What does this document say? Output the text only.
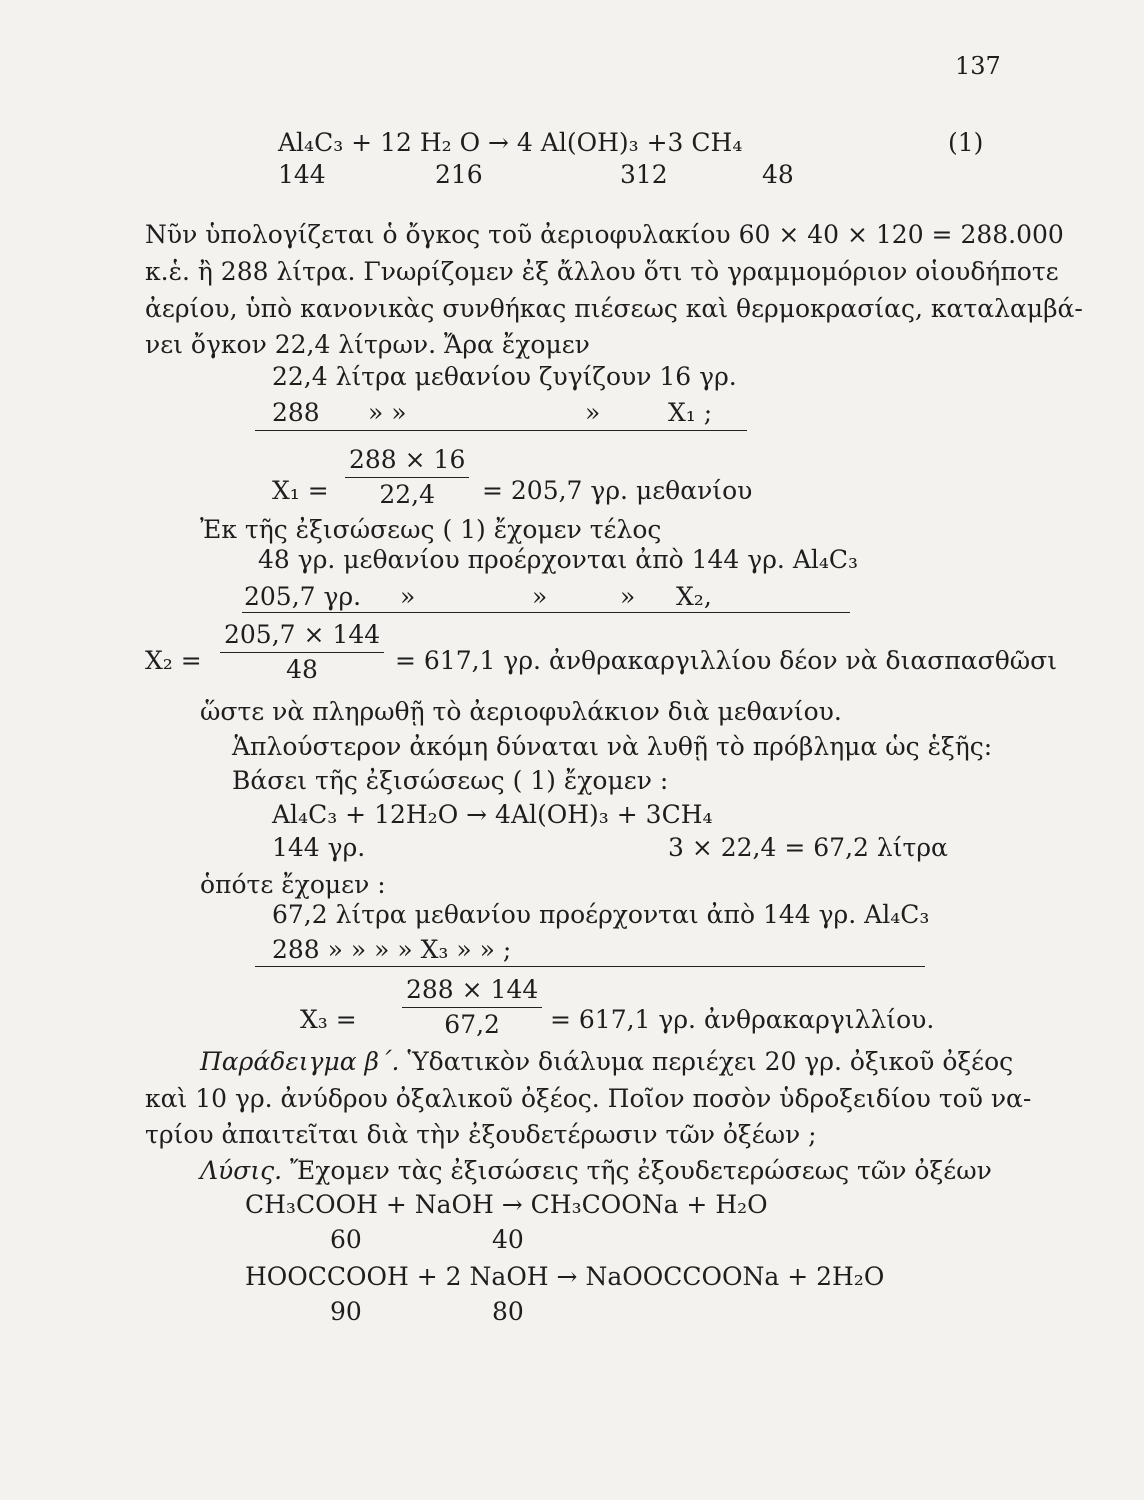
137
Al₄C₃ + 12 H₂ O → 4 Al(OH)₃ +3 CH₄	(1)
144	216	312	48
Νῦν ὑπολογίζεται ὁ ὄγκος τοῦ ἀεριοφυλακίου 60 × 40 × 120 = 288.000
κ.ἑ. ἢ 288 λίτρα. Γνωρίζομεν ἐξ ἄλλου ὅτι τὸ γραμμομόριον οἱουδήποτε
ἀερίου, ὑπὸ κανονικὰς συνθήκας πιέσεως καὶ θερμοκρασίας, καταλαμβά-
νει ὄγκον 22,4 λίτρων. Ἄρα ἔχομεν
22,4 λίτρα μεθανίου ζυγίζουν 16 γρ.
288 » »	»	X₁ ;
$X_1 = \frac{288 \times 16}{22,4} = 205,7$ γρ. μεθανίου
Ἐκ τῆς ἐξισώσεως ( 1) ἔχομεν τέλος
48 γρ. μεθανίου προέρχονται ἀπὸ 144 γρ. Al₄C₃
205,7 γρ. »	»	» X₂,
$X_2 = \frac{205,7 \times 144}{48} = 617,1$ γρ. ἀνθρακαργιλλίου δέον νὰ διασπασθῶσι
ὥστε νὰ πληρωθῇ τὸ ἀεριοφυλάκιον διὰ μεθανίου.
Ἁπλούστερον ἀκόμη δύναται νὰ λυθῇ τὸ πρόβλημα ὡς ἑξῆς:
Βάσει τῆς ἐξισώσεως ( 1) ἔχομεν :
Al₄C₃ + 12H₂O → 4Al(OH)₃ + 3CH₄
144 γρ.	3 × 22,4 = 67,2 λίτρα
ὁπότε ἔχομεν :
67,2 λίτρα μεθανίου προέρχονται ἀπὸ 144 γρ. Al₄C₃
288 » » » » X₃ » » ;
$X_3 = \frac{288 \times 144}{67,2} = 617,1$ γρ. ἀνθρακαργιλλίου.
Παράδειγμα β΄. Ὑδατικὸν διάλυμα περιέχει 20 γρ. ὀξικοῦ ὀξέος
καὶ 10 γρ. ἀνύδρου ὀξαλικοῦ ὀξέος. Ποῖον ποσὸν ὑδροξειδίου τοῦ να-
τρίου ἀπαιτεῖται διὰ τὴν ἐξουδετέρωσιν τῶν ὀξέων ;
Λύσις. Ἔχομεν τὰς ἐξισώσεις τῆς ἐξουδετερώσεως τῶν ὀξέων
CH₃COOH + NaOH → CH₃COONa + H₂O
60	40
HOOCCOOH + 2 NaOH → NaOOCCOONa + 2H₂O
90	80
